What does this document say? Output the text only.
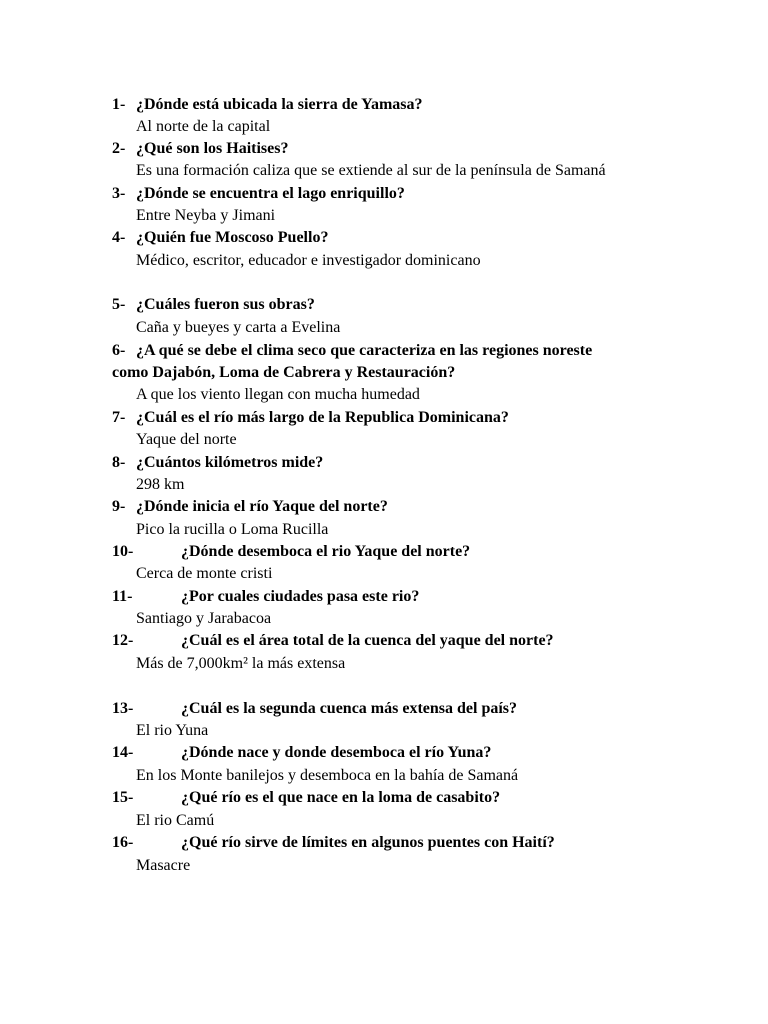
1- ¿Dónde está ubicada la sierra de Yamasa?
Al norte de la capital
2- ¿Qué son los Haitises?
Es una formación caliza que se extiende al sur de la península de Samaná
3- ¿Dónde se encuentra el lago enriquillo?
Entre Neyba y Jimani
4- ¿Quién fue Moscoso Puello?
Médico, escritor, educador e investigador dominicano
5- ¿Cuáles fueron sus obras?
Caña y bueyes y carta a Evelina
6- ¿A qué se debe el clima seco que caracteriza en las regiones noreste
como Dajabón, Loma de Cabrera y Restauración?
A que los viento llegan con mucha humedad
7- ¿Cuál es el río más largo de la Republica Dominicana?
Yaque del norte
8- ¿Cuántos kilómetros mide?
298 km
9- ¿Dónde inicia el río Yaque del norte?
Pico la rucilla o Loma Rucilla
10-	¿Dónde desemboca el rio Yaque del norte?
Cerca de monte cristi
11-	¿Por cuales ciudades pasa este rio?
Santiago y Jarabacoa
12-	¿Cuál es el área total de la cuenca del yaque del norte?
Más de 7,000km² la más extensa
13-	¿Cuál es la segunda cuenca más extensa del país?
El rio Yuna
14-	¿Dónde nace y donde desemboca el río Yuna?
En los Monte banilejos y desemboca en la bahía de Samaná
15-	¿Qué río es el que nace en la loma de casabito?
El rio Camú
16-	¿Qué río sirve de límites en algunos puentes con Haití?
Masacre
